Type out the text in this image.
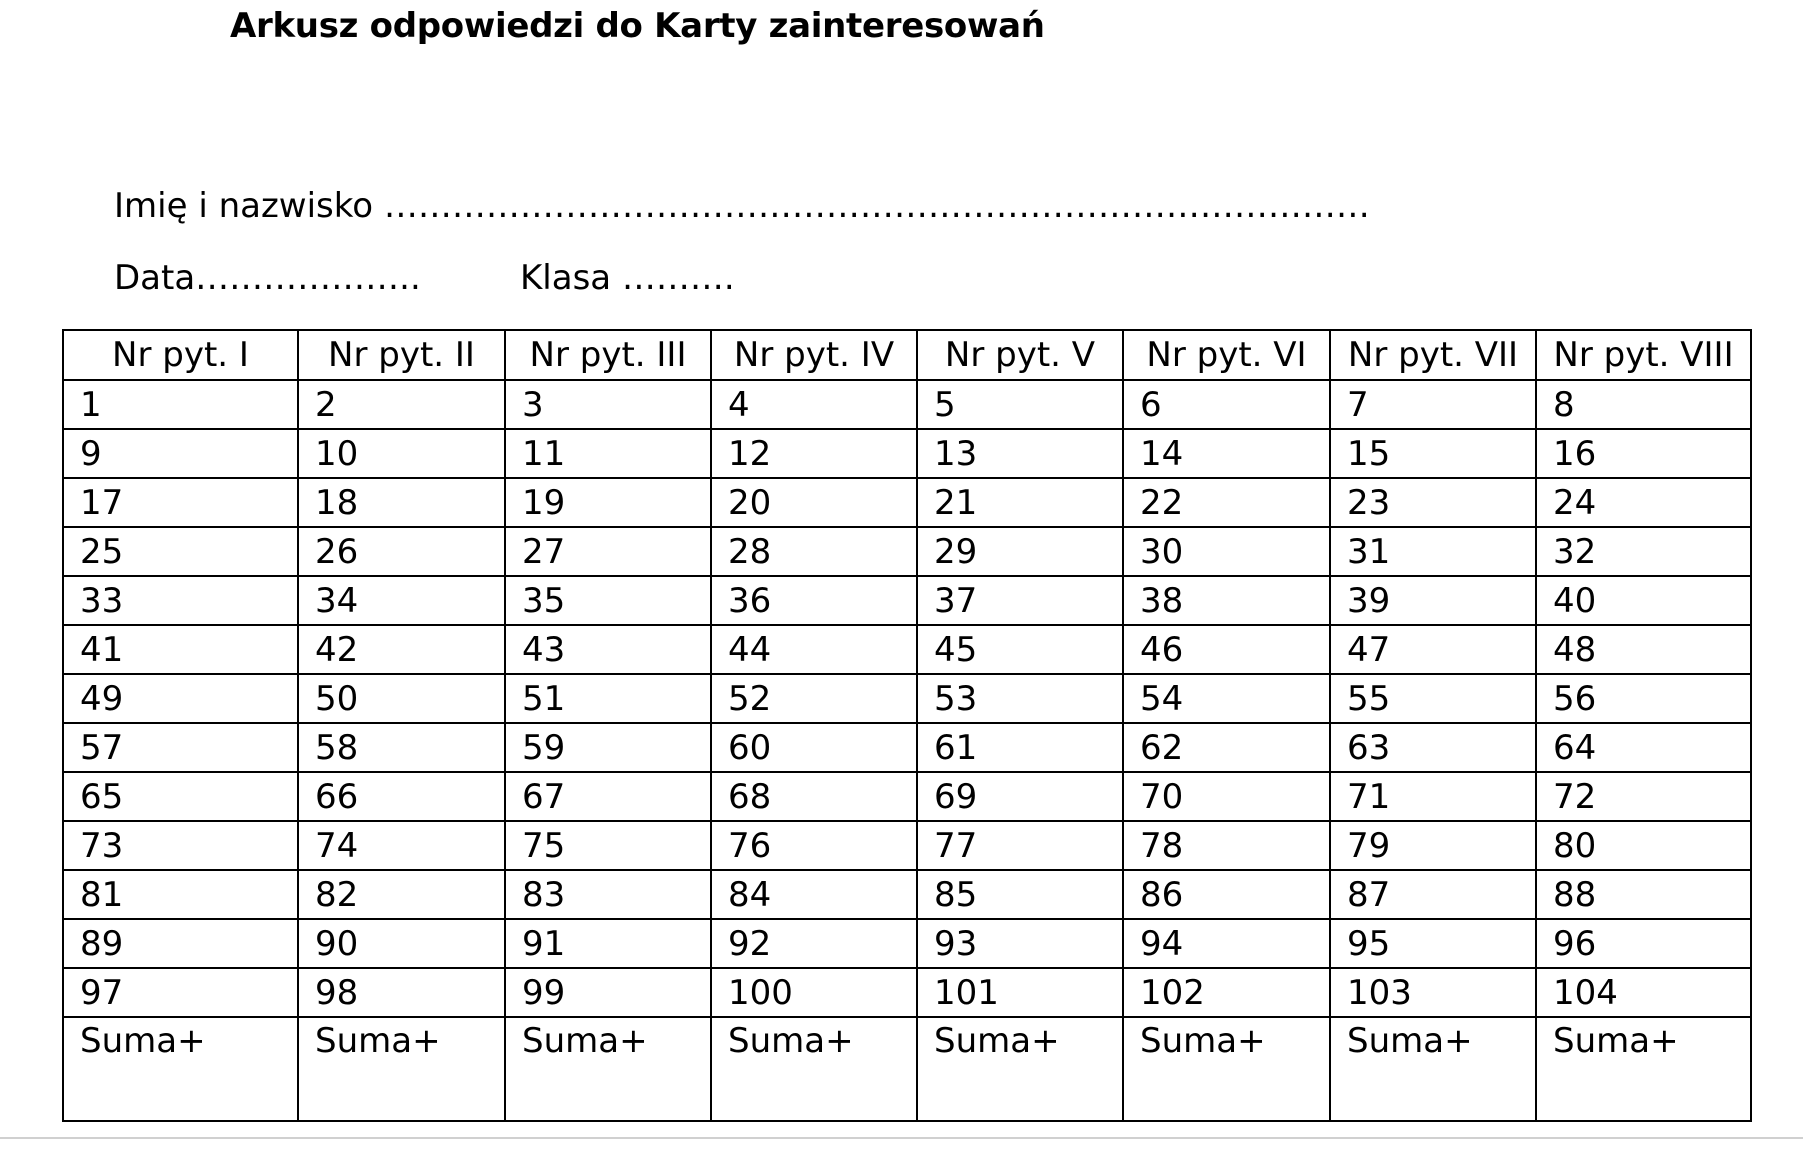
Arkusz odpowiedzi do Karty zainteresowań
Imię i nazwisko ……………………………………………………………………………
Data………………..	Klasa ……….
Nr pyt. I	Nr pyt. II	Nr pyt. III	Nr pyt. IV	Nr pyt. V	Nr pyt. VI	Nr pyt. VII	Nr pyt. VIII
1	2	3	4	5	6	7	8
9	10	11	12	13	14	15	16
17	18	19	20	21	22	23	24
25	26	27	28	29	30	31	32
33	34	35	36	37	38	39	40
41	42	43	44	45	46	47	48
49	50	51	52	53	54	55	56
57	58	59	60	61	62	63	64
65	66	67	68	69	70	71	72
73	74	75	76	77	78	79	80
81	82	83	84	85	86	87	88
89	90	91	92	93	94	95	96
97	98	99	100	101	102	103	104
Suma+	Suma+	Suma+	Suma+	Suma+	Suma+	Suma+	Suma+
